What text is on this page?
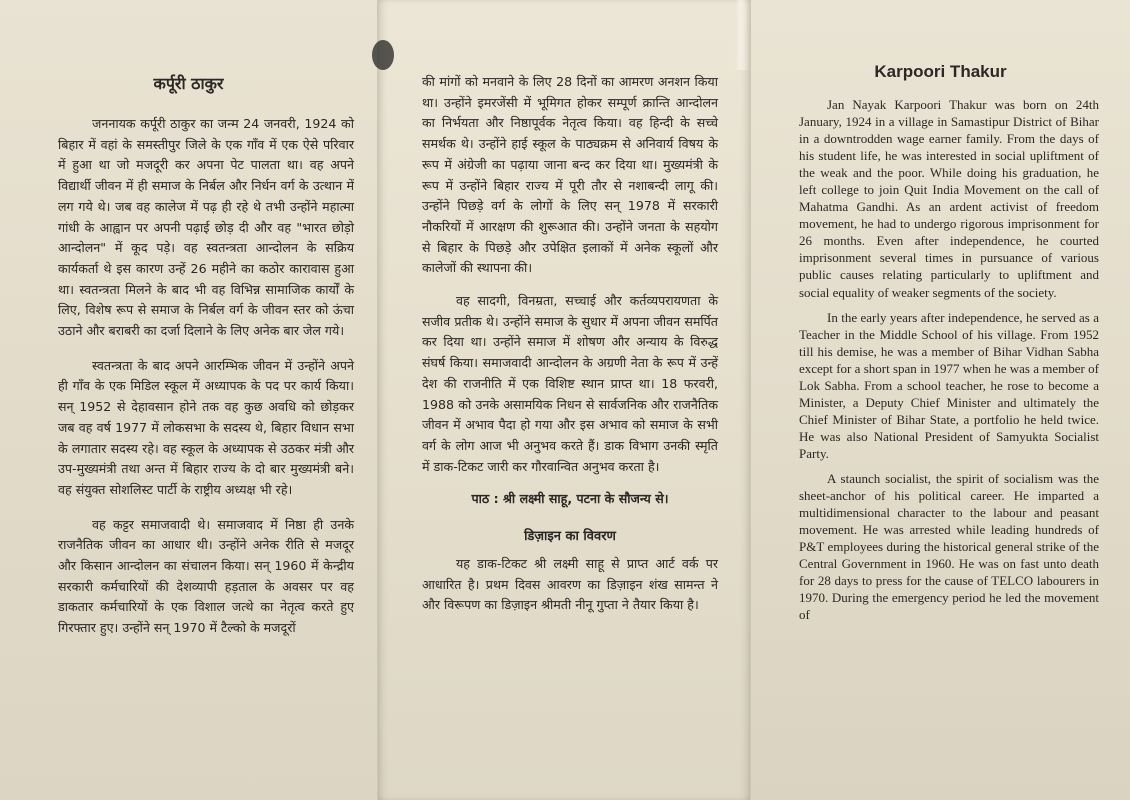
कर्पूरी ठाकुर

जननायक कर्पूरी ठाकुर का जन्म 24 जनवरी, 1924 को बिहार में वहां के समस्तीपुर जिले के एक गाँव में एक ऐसे परिवार में हुआ था जो मजदूरी कर अपना पेट पालता था। वह अपने विद्यार्थी जीवन में ही समाज के निर्बल और निर्धन वर्ग के उत्थान में लग गये थे। जब वह कालेज में पढ़ ही रहे थे तभी उन्होंने महात्मा गांधी के आह्वान पर अपनी पढ़ाई छोड़ दी और वह "भारत छोड़ो आन्दोलन" में कूद पड़े। वह स्वतन्त्रता आन्दोलन के सक्रिय कार्यकर्ता थे इस कारण उन्हें 26 महीने का कठोर कारावास हुआ था। स्वतन्त्रता मिलने के बाद भी वह विभिन्न सामाजिक कार्यों के लिए, विशेष रूप से समाज के निर्बल वर्ग के जीवन स्तर को ऊंचा उठाने और बराबरी का दर्जा दिलाने के लिए अनेक बार जेल गये।

स्वतन्त्रता के बाद अपने आरम्भिक जीवन में उन्होंने अपने ही गाँव के एक मिडिल स्कूल में अध्यापक के पद पर कार्य किया। सन् 1952 से देहावसान होने तक वह कुछ अवधि को छोड़कर जब वह वर्ष 1977 में लोकसभा के सदस्य थे, बिहार विधान सभा के लगातार सदस्य रहे। वह स्कूल के अध्यापक से उठकर मंत्री और उप-मुख्यमंत्री तथा अन्त में बिहार राज्य के दो बार मुख्यमंत्री बने। वह संयुक्त सोशलिस्ट पार्टी के राष्ट्रीय अध्यक्ष भी रहे।

वह कट्टर समाजवादी थे। समाजवाद में निष्ठा ही उनके राजनैतिक जीवन का आधार थी। उन्होंने अनेक रीति से मजदूर और किसान आन्दोलन का संचालन किया। सन् 1960 में केन्द्रीय सरकारी कर्मचारियों की देशव्यापी हड़ताल के अवसर पर वह डाकतार कर्मचारियों के एक विशाल जत्थे का नेतृत्व करते हुए गिरफ्तार हुए। उन्होंने सन् 1970 में टैल्को के मजदूरों

की मांगों को मनवाने के लिए 28 दिनों का आमरण अनशन किया था। उन्होंने इमरजेंसी में भूमिगत होकर सम्पूर्ण क्रान्ति आन्दोलन का निर्भयता और निष्ठापूर्वक नेतृत्व किया। वह हिन्दी के सच्चे समर्थक थे। उन्होंने हाई स्कूल के पाठ्यक्रम से अनिवार्य विषय के रूप में अंग्रेजी का पढ़ाया जाना बन्द कर दिया था। मुख्यमंत्री के रूप में उन्होंने बिहार राज्य में पूरी तौर से नशाबन्दी लागू की। उन्होंने पिछड़े वर्ग के लोगों के लिए सन् 1978 में सरकारी नौकरियों में आरक्षण की शुरूआत की। उन्होंने जनता के सहयोग से बिहार के पिछड़े और उपेक्षित इलाकों में अनेक स्कूलों और कालेजों की स्थापना की।

वह सादगी, विनम्रता, सच्चाई और कर्तव्यपरायणता के सजीव प्रतीक थे। उन्होंने समाज के सुधार में अपना जीवन समर्पित कर दिया था। उन्होंने समाज में शोषण और अन्याय के विरुद्ध संघर्ष किया। समाजवादी आन्दोलन के अग्रणी नेता के रूप में उन्हें देश की राजनीति में एक विशिष्ट स्थान प्राप्त था। 18 फरवरी, 1988 को उनके असामयिक निधन से सार्वजनिक और राजनैतिक जीवन में अभाव पैदा हो गया और इस अभाव को समाज के सभी वर्ग के लोग आज भी अनुभव करते हैं। डाक विभाग उनकी स्मृति में डाक-टिकट जारी कर गौरवान्वित अनुभव करता है।

पाठ : श्री लक्ष्मी साहू, पटना के सौजन्य से।

डिज़ाइन का विवरण

यह डाक-टिकट श्री लक्ष्मी साहू से प्राप्त आर्ट वर्क पर आधारित है। प्रथम दिवस आवरण का डिज़ाइन शंख सामन्त ने और विरूपण का डिज़ाइन श्रीमती नीनू गुप्ता ने तैयार किया है।

Karpoori Thakur

Jan Nayak Karpoori Thakur was born on 24th January, 1924 in a village in Samastipur District of Bihar in a downtrodden wage earner family. From the days of his student life, he was interested in social upliftment of the weak and the poor. While doing his graduation, he left college to join Quit India Movement on the call of Mahatma Gandhi. As an ardent activist of freedom movement, he had to undergo rigorous imprisonment for 26 months. Even after independence, he courted imprisonment several times in pursuance of various public causes relating particularly to upliftment and social equality of weaker segments of the society.

In the early years after independence, he served as a Teacher in the Middle School of his village. From 1952 till his demise, he was a member of Bihar Vidhan Sabha except for a short span in 1977 when he was a member of Lok Sabha. From a school teacher, he rose to become a Minister, a Deputy Chief Minister and ultimately the Chief Minister of Bihar State, a portfolio he held twice. He was also National President of Samyukta Socialist Party.

A staunch socialist, the spirit of socialism was the sheet-anchor of his political career. He imparted a multidimensional character to the labour and peasant movement. He was arrested while leading hundreds of P&T employees during the historical general strike of the Central Government in 1960. He was on fast unto death for 28 days to press for the cause of TELCO labourers in 1970. During the emergency period he led the movement of
